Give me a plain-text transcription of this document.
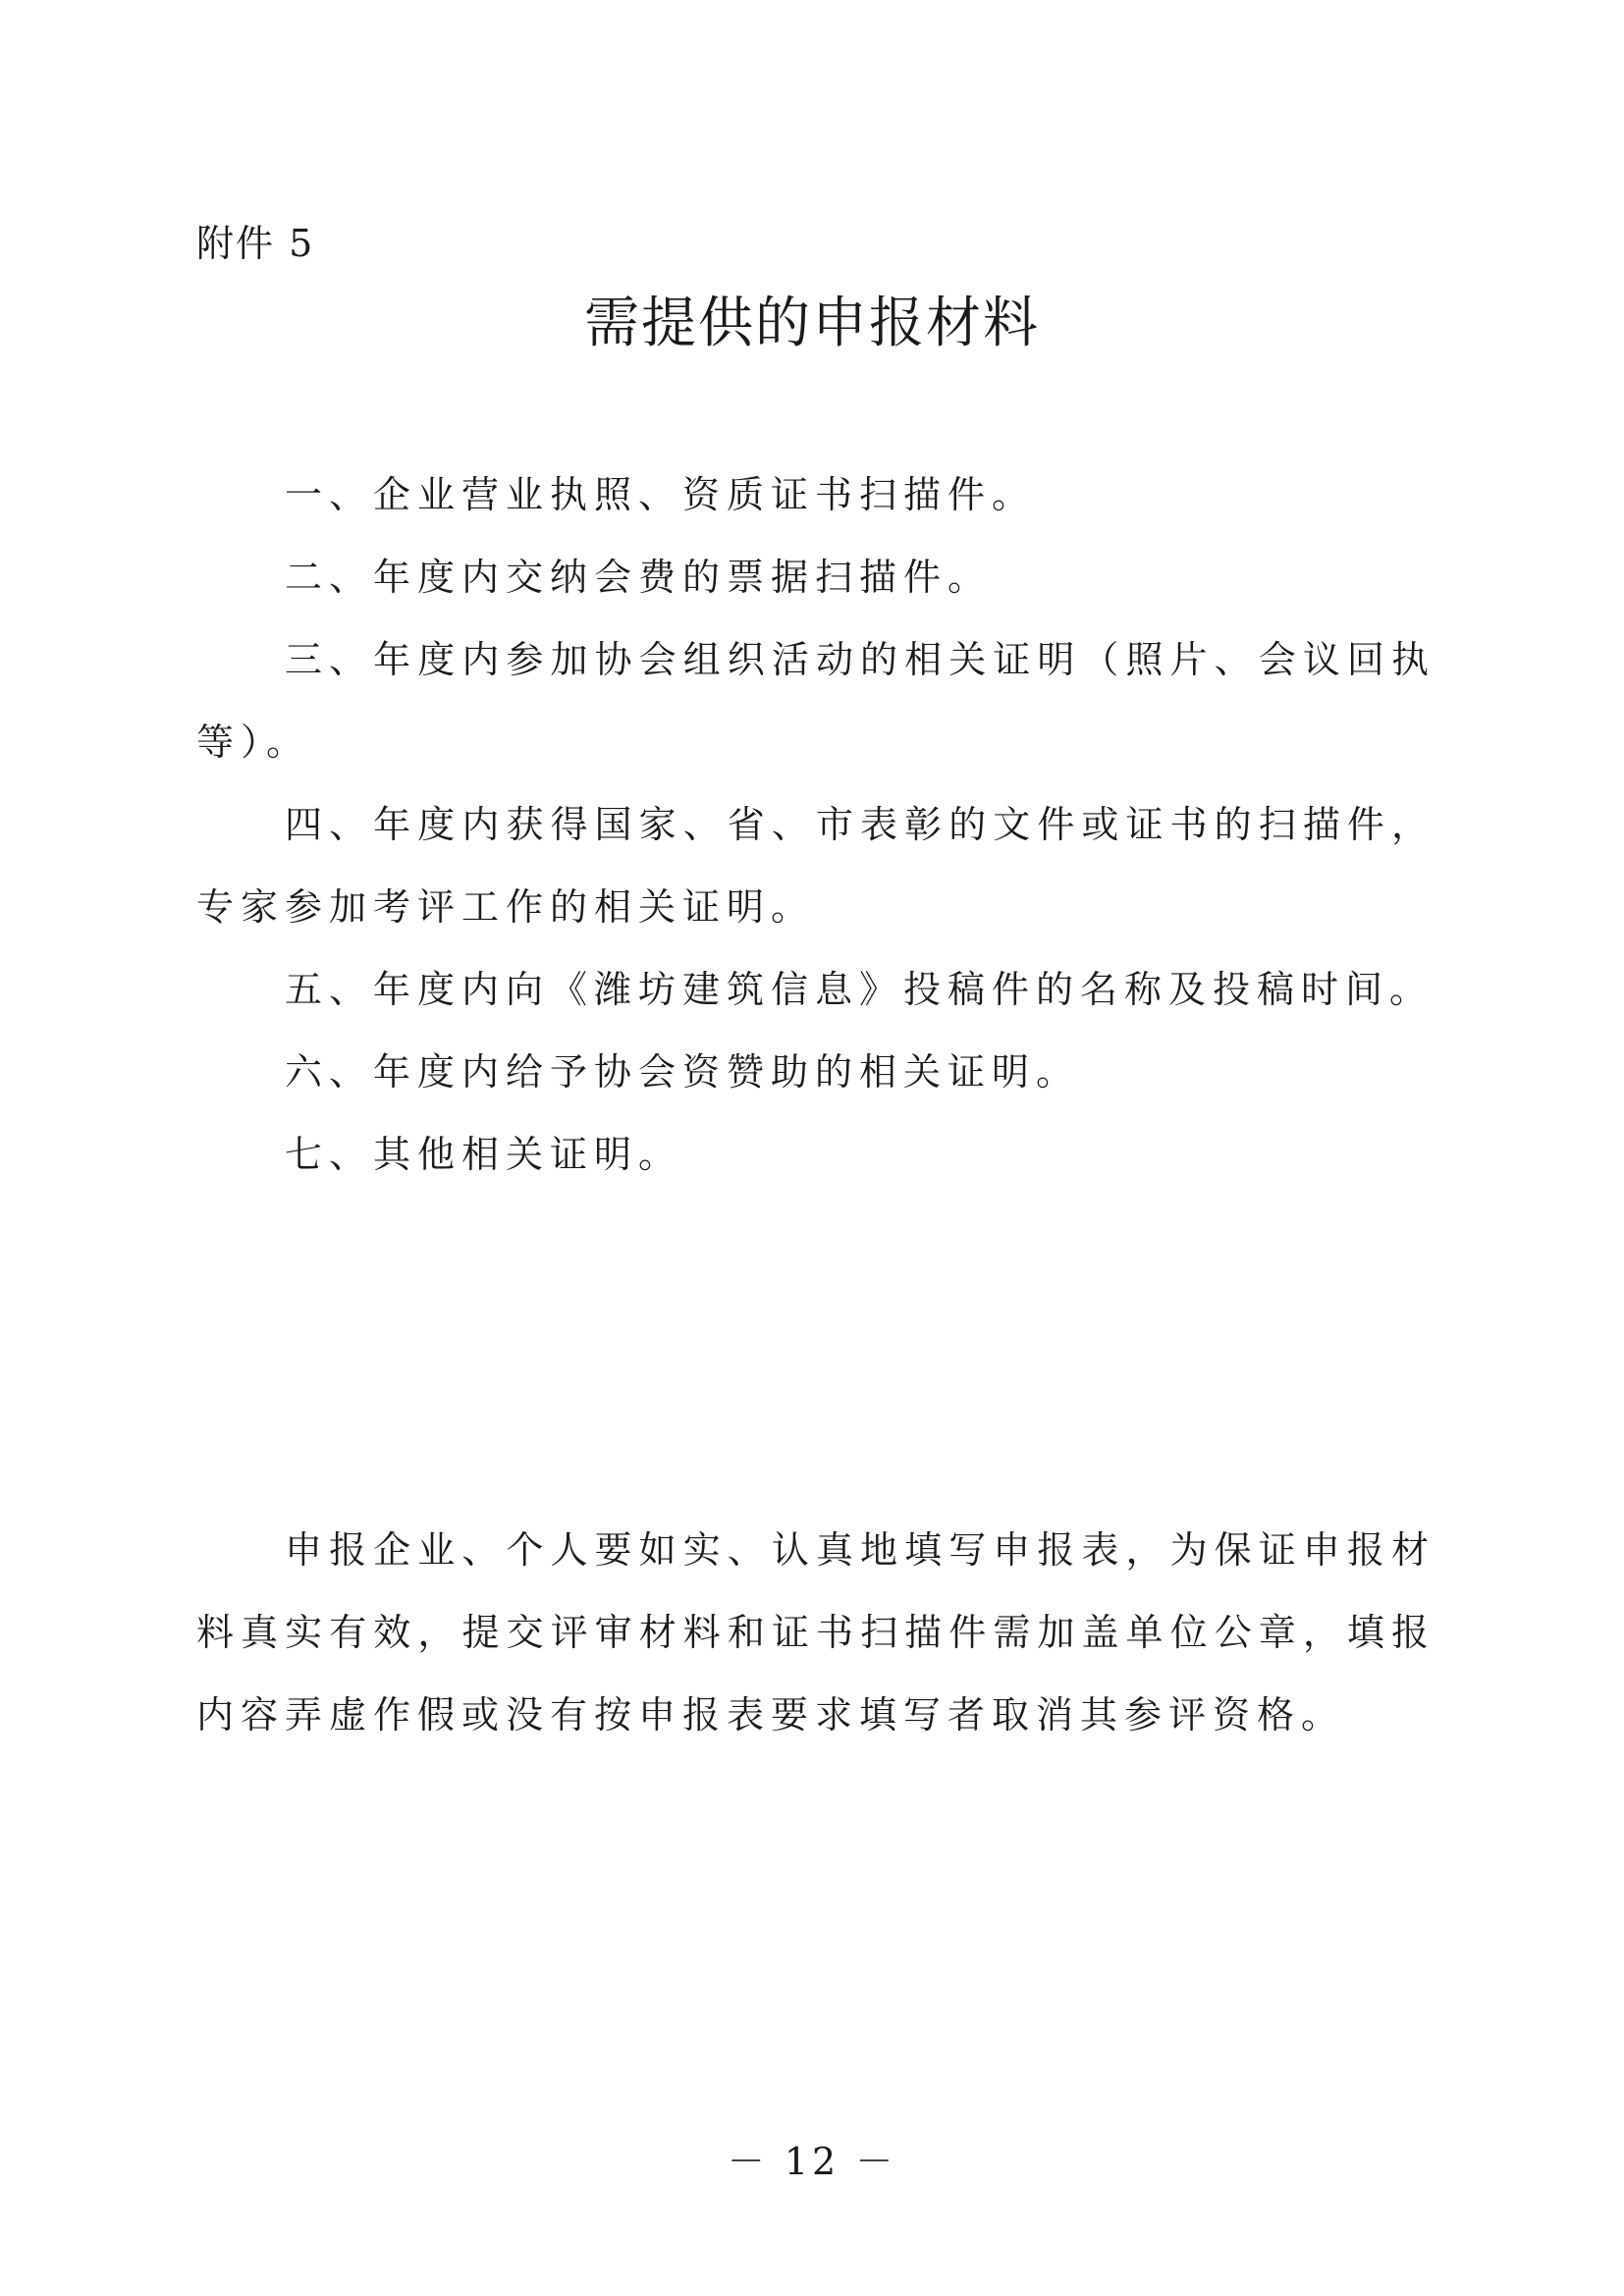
附件 5
需提供的申报材料

一、企业营业执照、资质证书扫描件。

二、年度内交纳会费的票据扫描件。

三、年度内参加协会组织活动的相关证明（照片、会议回执等）。

四、年度内获得国家、省、市表彰的文件或证书的扫描件，专家参加考评工作的相关证明。

五、年度内向《潍坊建筑信息》投稿件的名称及投稿时间。

六、年度内给予协会资赞助的相关证明。

七、其他相关证明。

申报企业、个人要如实、认真地填写申报表，为保证申报材料真实有效，提交评审材料和证书扫描件需加盖单位公章，填报内容弄虚作假或没有按申报表要求填写者取消其参评资格。

－ 12 －
